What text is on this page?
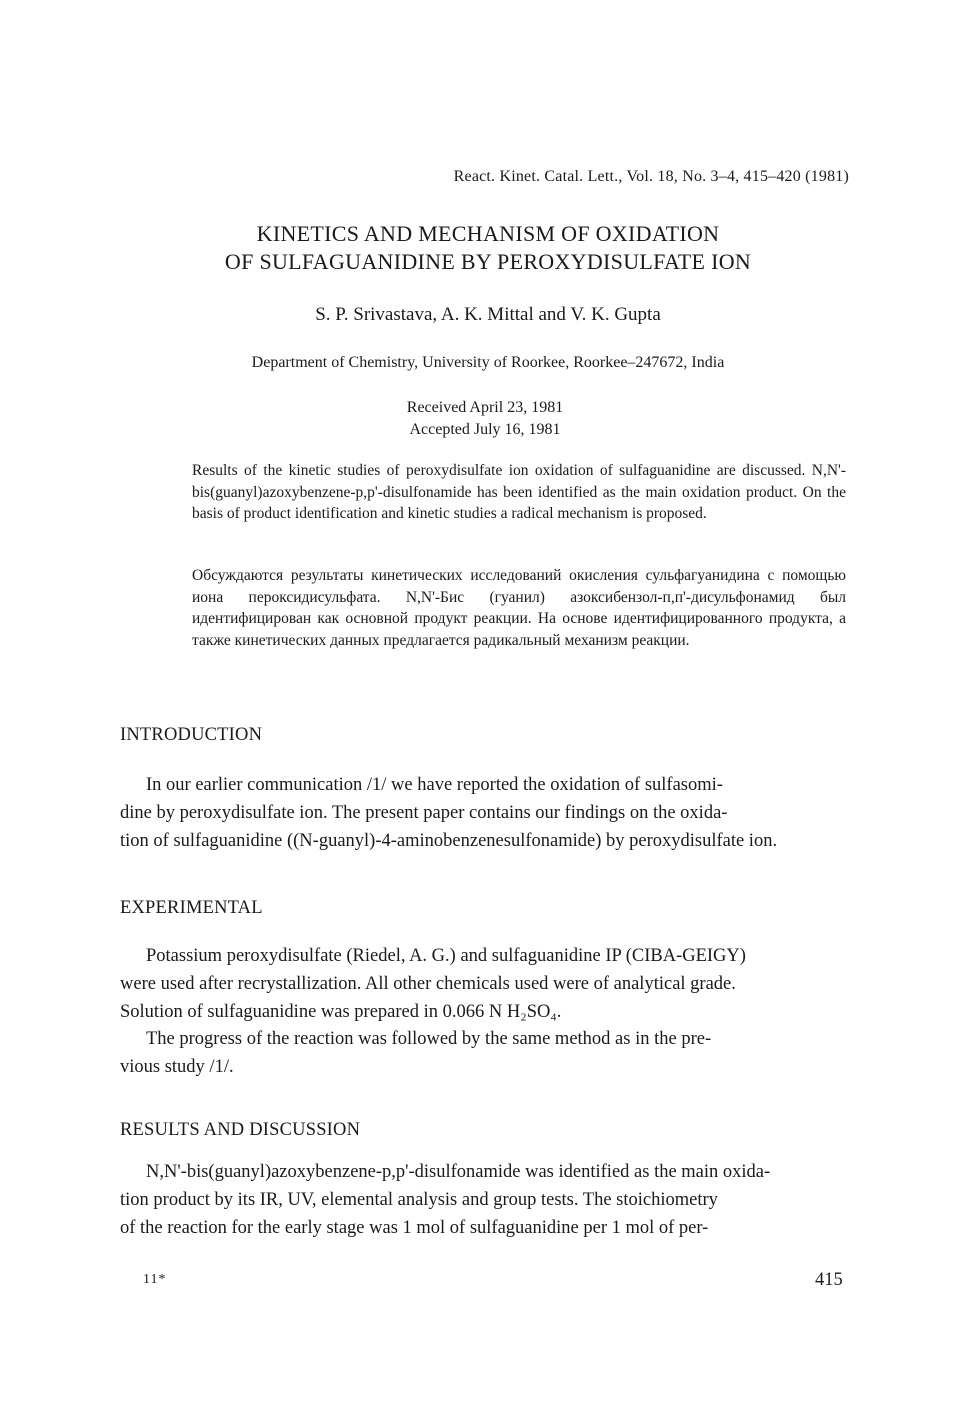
React. Kinet. Catal. Lett., Vol. 18, No. 3–4, 415–420 (1981)
KINETICS AND MECHANISM OF OXIDATION
OF SULFAGUANIDINE BY PEROXYDISULFATE ION
S. P. Srivastava, A. K. Mittal and V. K. Gupta
Department of Chemistry, University of Roorkee, Roorkee–247672, India
Received April 23, 1981
Accepted July 16, 1981
Results of the kinetic studies of peroxydisulfate ion oxidation of sulfaguanidine are discussed. N,N'-bis(guanyl)azoxybenzene-p,p'-disulfonamide has been identified as the main oxidation product. On the basis of product identification and kinetic studies a radical mechanism is proposed.
Обсуждаются результаты кинетических исследований окисления сульфагуанидина с помощью иона пероксидисульфата. N,N'-Бис (гуанил) азоксибензол-п,п'-дисульфонамид был идентифицирован как основной продукт реакции. На основе идентифицированного продукта, а также кинетических данных предлагается радикальный механизм реакции.
INTRODUCTION
In our earlier communication /1/ we have reported the oxidation of sulfasomi-
dine by peroxydisulfate ion. The present paper contains our findings on the oxida-
tion of sulfaguanidine ((N-guanyl)-4-aminobenzenesulfonamide) by peroxydisulfate ion.
EXPERIMENTAL
Potassium peroxydisulfate (Riedel, A. G.) and sulfaguanidine IP (CIBA-GEIGY)
were used after recrystallization. All other chemicals used were of analytical grade.
Solution of sulfaguanidine was prepared in 0.066 N H₂SO₄.
The progress of the reaction was followed by the same method as in the pre-
vious study /1/.
RESULTS AND DISCUSSION
N,N'-bis(guanyl)azoxybenzene-p,p'-disulfonamide was identified as the main oxida-
tion product by its IR, UV, elemental analysis and group tests. The stoichiometry
of the reaction for the early stage was 1 mol of sulfaguanidine per 1 mol of per-
11*	415
